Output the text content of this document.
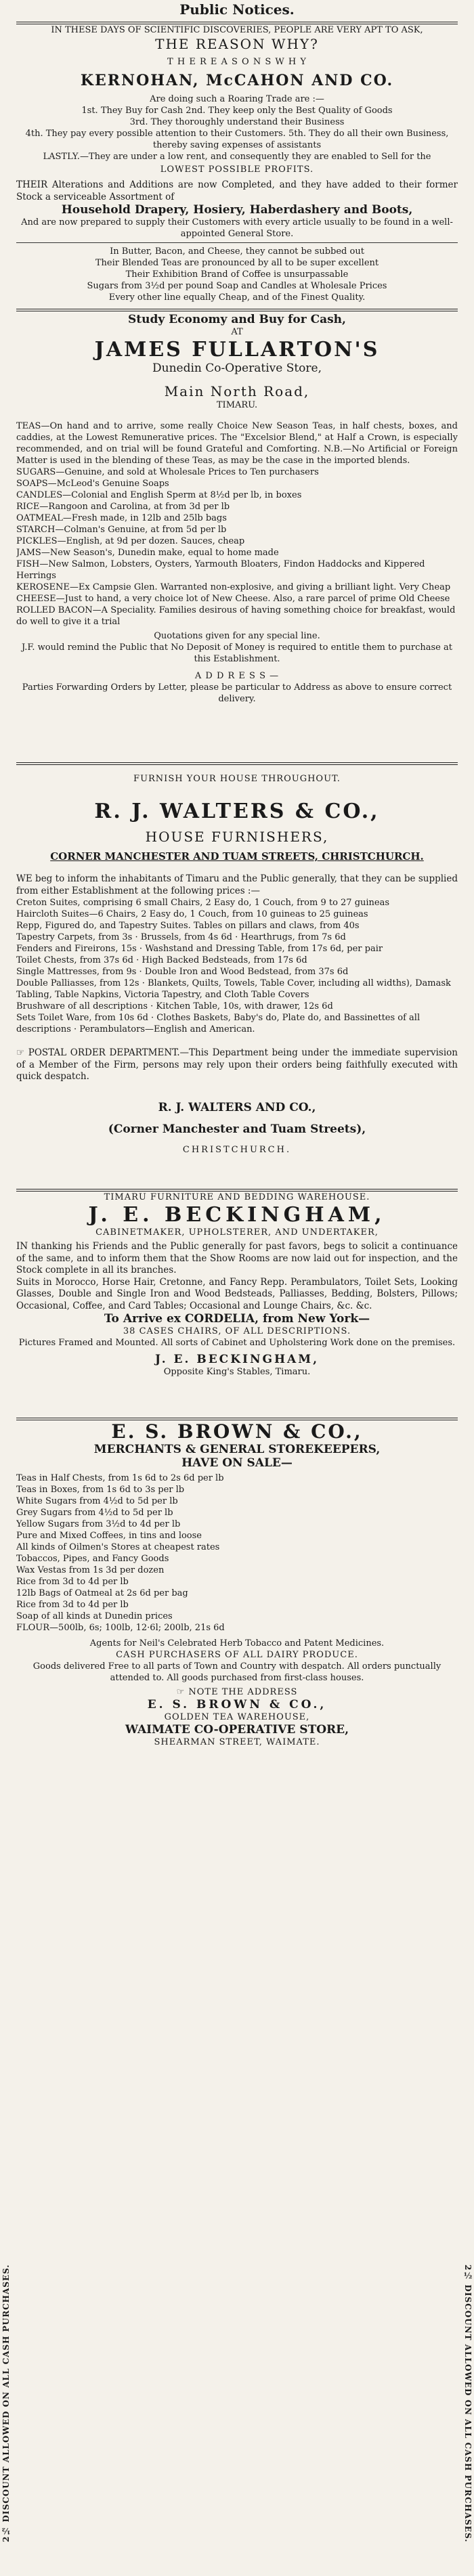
Public Notices.
IN THESE DAYS OF SCIENTIFIC DISCOVERIES, PEOPLE ARE VERY APT TO ASK,
THE REASON WHY?
T H E R E A S O N S W H Y
KERNOHAN, McCAHON AND CO.
Are doing such a Roaring Trade are :—
1st. They Buy for Cash 2nd. They keep only the Best Quality of Goods
3rd. They thoroughly understand their Business
4th. They pay every possible attention to their Customers. 5th. They do all their own Business, thereby saving expenses of assistants
LASTLY.—They are under a low rent, and consequently they are enabled to Sell for the
LOWEST POSSIBLE PROFITS.
THEIR Alterations and Additions are now Completed, and they have added to their former Stock a serviceable Assortment of
Household Drapery, Hosiery, Haberdashery and Boots,
And are now prepared to supply their Customers with every article usually to be found in a well-appointed General Store.
In Butter, Bacon, and Cheese, they cannot be subbed out
Their Blended Teas are pronounced by all to be super excellent
Their Exhibition Brand of Coffee is unsurpassable
Sugars from 3½d per pound Soap and Candles at Wholesale Prices
Every other line equally Cheap, and of the Finest Quality.
Study Economy and Buy for Cash,
AT
JAMES FULLARTON'S
Dunedin Co-Operative Store,
Main North Road,
TIMARU.
TEAS—On hand and to arrive, some really Choice New Season Teas, in half chests, boxes, and caddies, at the Lowest Remunerative prices. The "Excelsior Blend," at Half a Crown, is especially recommended, and on trial will be found Grateful and Comforting. N.B.—No Artificial or Foreign Matter is used in the blending of these Teas, as may be the case in the imported blends.
SUGARS—Genuine, and sold at Wholesale Prices to Ten purchasers
SOAPS—McLeod's Genuine Soaps
CANDLES—Colonial and English Sperm at 8½d per lb, in boxes
RICE—Rangoon and Carolina, at from 3d per lb
OATMEAL—Fresh made, in 12lb and 25lb bags
STARCH—Colman's Genuine, at from 5d per lb
PICKLES—English, at 9d per dozen. Sauces, cheap
JAMS—New Season's, Dunedin make, equal to home made
FISH—New Salmon, Lobsters, Oysters, Yarmouth Bloaters, Findon Haddocks and Kippered Herrings
KEROSENE—Ex Campsie Glen. Warranted non-explosive, and giving a brilliant light. Very Cheap
CHEESE—Just to hand, a very choice lot of New Cheese. Also, a rare parcel of prime Old Cheese
ROLLED BACON—A Speciality. Families desirous of having something choice for breakfast, would do well to give it a trial
Quotations given for any special line.
J.F. would remind the Public that No Deposit of Money is required to entitle them to purchase at this Establishment.
A D D R E S S —
Parties Forwarding Orders by Letter, please be particular to Address as above to ensure correct delivery.
FURNISH YOUR HOUSE THROUGHOUT.
R. J. WALTERS & CO.,
HOUSE FURNISHERS,
CORNER MANCHESTER AND TUAM STREETS, CHRISTCHURCH.
WE beg to inform the inhabitants of Timaru and the Public generally, that they can be supplied from either Establishment at the following prices :—
Creton Suites, comprising 6 small Chairs, 2 Easy do, 1 Couch, from 9 to 27 guineas
Haircloth Suites—6 Chairs, 2 Easy do, 1 Couch, from 10 guineas to 25 guineas
Repp, Figured do, and Tapestry Suites. Tables on pillars and claws, from 40s
Tapestry Carpets, from 3s · Brussels, from 4s 6d · Hearthrugs, from 7s 6d
Fenders and Fireirons, 15s · Washstand and Dressing Table, from 17s 6d, per pair
Toilet Chests, from 37s 6d · High Backed Bedsteads, from 17s 6d
Single Mattresses, from 9s · Double Iron and Wood Bedstead, from 37s 6d
Double Palliasses, from 12s · Blankets, Quilts, Towels, Table Cover, including all widths), Damask Tabling, Table Napkins, Victoria Tapestry, and Cloth Table Covers
Brushware of all descriptions · Kitchen Table, 10s, with drawer, 12s 6d
Sets Toilet Ware, from 10s 6d · Clothes Baskets, Baby's do, Plate do, and Bassinettes of all descriptions · Perambulators—English and American.
☞ POSTAL ORDER DEPARTMENT.—This Department being under the immediate supervision of a Member of the Firm, persons may rely upon their orders being faithfully executed with quick despatch.
R. J. WALTERS AND CO.,
(Corner Manchester and Tuam Streets),
CHRISTCHURCH.
TIMARU FURNITURE AND BEDDING WAREHOUSE.
J. E. BECKINGHAM,
CABINETMAKER, UPHOLSTERER, AND UNDERTAKER,
IN thanking his Friends and the Public generally for past favors, begs to solicit a continuance of the same, and to inform them that the Show Rooms are now laid out for inspection, and the Stock complete in all its branches.
Suits in Morocco, Horse Hair, Cretonne, and Fancy Repp. Perambulators, Toilet Sets, Looking Glasses, Double and Single Iron and Wood Bedsteads, Palliasses, Bedding, Bolsters, Pillows; Occasional, Coffee, and Card Tables; Occasional and Lounge Chairs, &c. &c.
To Arrive ex CORDELIA, from New York—
38 CASES CHAIRS, OF ALL DESCRIPTIONS.
Pictures Framed and Mounted. All sorts of Cabinet and Upholstering Work done on the premises.
J. E. BECKINGHAM,
Opposite King's Stables, Timaru.
E. S. BROWN & CO.,
MERCHANTS & GENERAL STOREKEEPERS,
HAVE ON SALE—
Teas in Half Chests, from 1s 6d to 2s 6d per lb
Teas in Boxes, from 1s 6d to 3s per lb
White Sugars from 4½d to 5d per lb
Grey Sugars from 4½d to 5d per lb
Yellow Sugars from 3½d to 4d per lb
Pure and Mixed Coffees, in tins and loose
All kinds of Oilmen's Stores at cheapest rates
Tobaccos, Pipes, and Fancy Goods
Wax Vestas from 1s 3d per dozen
Rice from 3d to 4d per lb
12lb Bags of Oatmeal at 2s 6d per bag
Rice from 3d to 4d per lb
Soap of all kinds at Dunedin prices
FLOUR—500lb, 6s; 100lb, 12·6l; 200lb, 21s 6d
Agents for Neil's Celebrated Herb Tobacco and Patent Medicines.
CASH PURCHASERS OF ALL DAIRY PRODUCE.
Goods delivered Free to all parts of Town and Country with despatch. All orders punctually attended to. All goods purchased from first-class houses.
☞ NOTE THE ADDRESS
E. S. BROWN & CO.,
GOLDEN TEA WAREHOUSE,
WAIMATE CO-OPERATIVE STORE,
SHEARMAN STREET, WAIMATE.
2½ DISCOUNT ALLOWED ON ALL CASH PURCHASES.	2½ DISCOUNT ALLOWED ON ALL CASH PURCHASES.
